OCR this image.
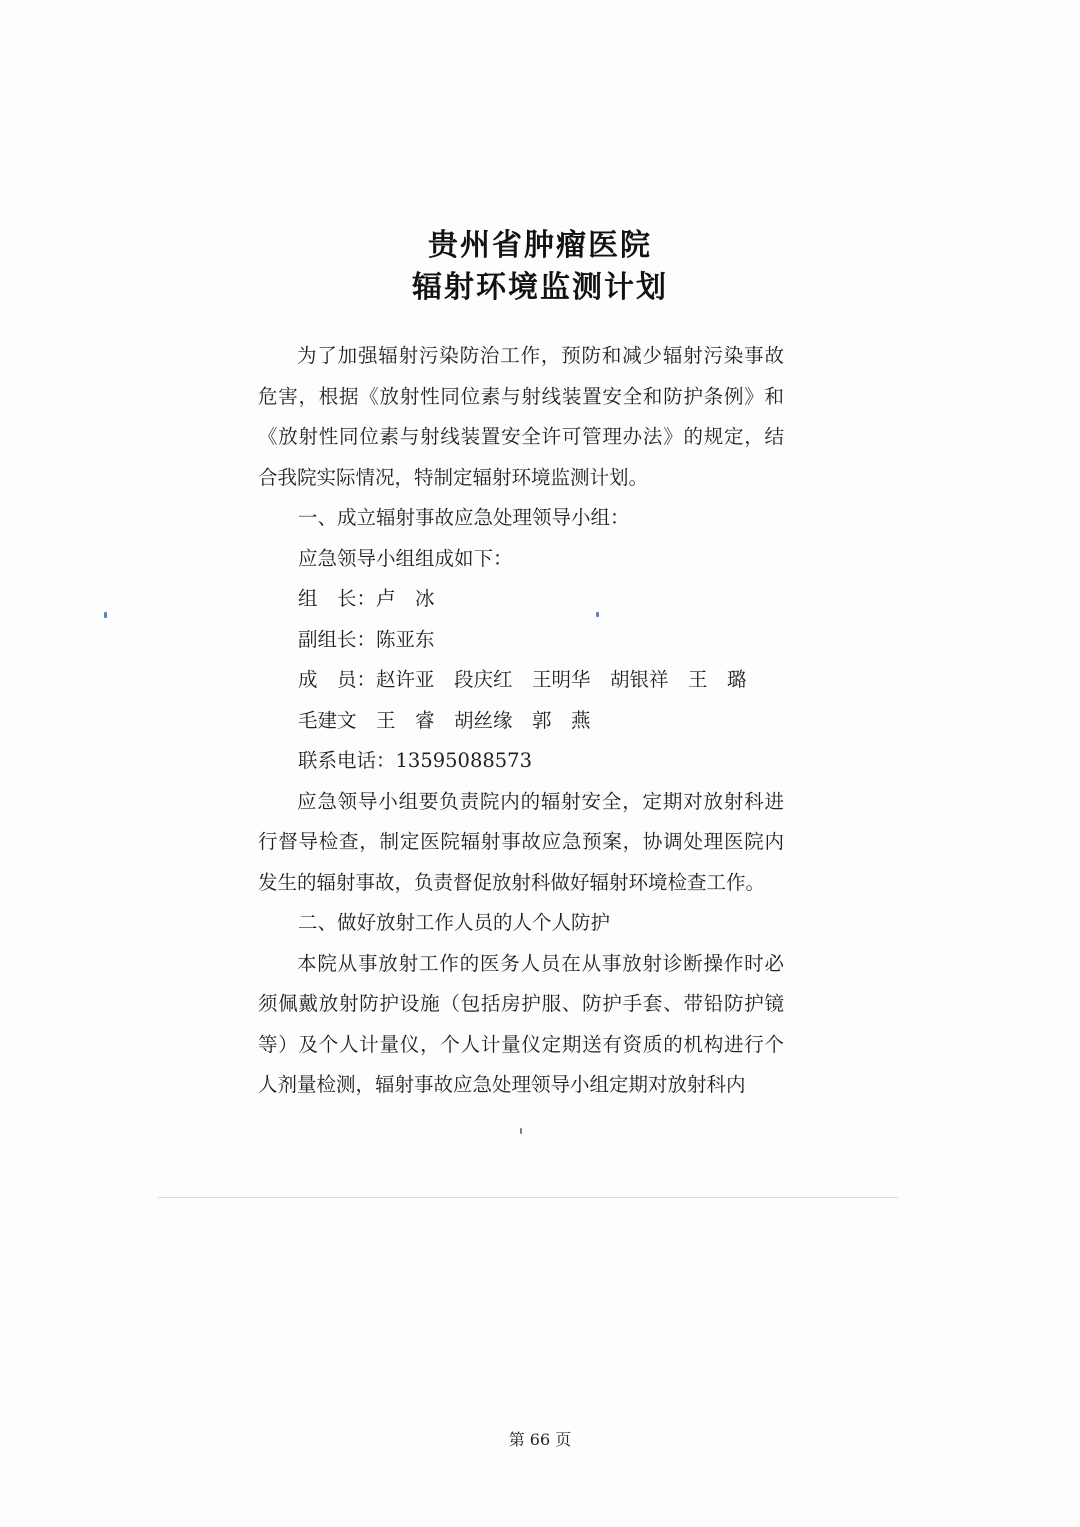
贵州省肿瘤医院
辐射环境监测计划

为了加强辐射污染防治工作，预防和减少辐射污染事故危害，根据《放射性同位素与射线装置安全和防护条例》和《放射性同位素与射线装置安全许可管理办法》的规定，结合我院实际情况，特制定辐射环境监测计划。

一、成立辐射事故应急处理领导小组：

应急领导小组组成如下：

组　长：卢　冰

副组长：陈亚东

成　员：赵许亚　段庆红　王明华　胡银祥　王　璐

毛建文　王　睿　胡丝缘　郭　燕

联系电话：13595088573

应急领导小组要负责院内的辐射安全，定期对放射科进行督导检查，制定医院辐射事故应急预案，协调处理医院内发生的辐射事故，负责督促放射科做好辐射环境检查工作。

二、做好放射工作人员的人个人防护

本院从事放射工作的医务人员在从事放射诊断操作时必须佩戴放射防护设施（包括房护服、防护手套、带铅防护镜等）及个人计量仪，个人计量仪定期送有资质的机构进行个人剂量检测，辐射事故应急处理领导小组定期对放射科内

第 66 页
